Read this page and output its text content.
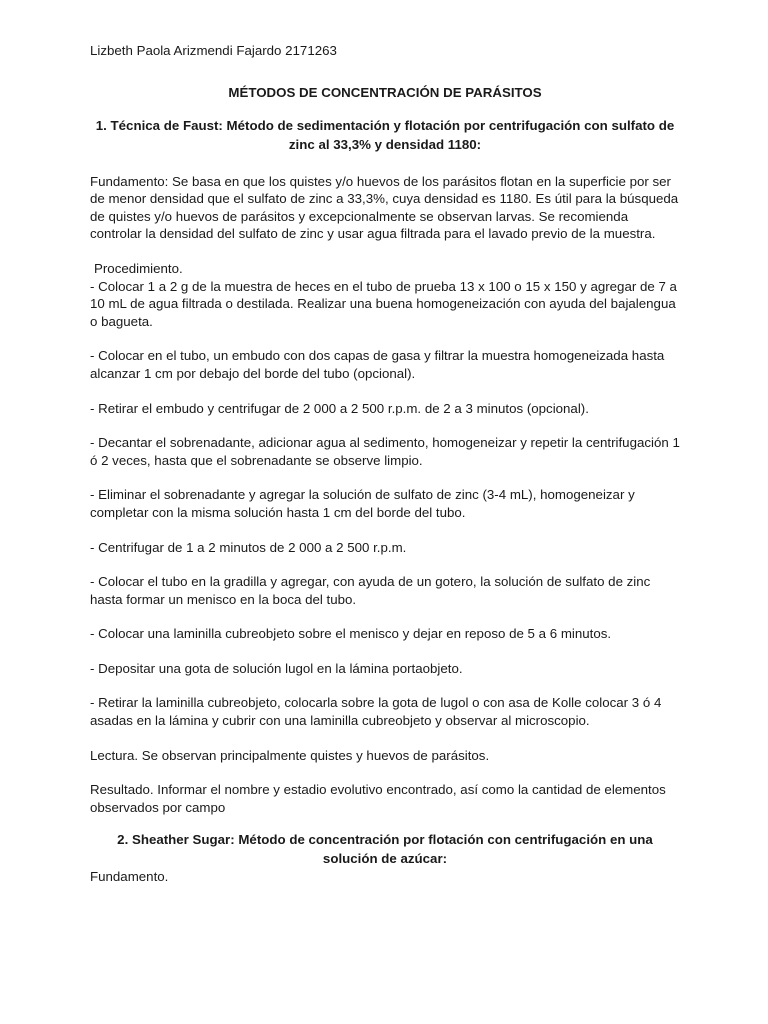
Lizbeth Paola Arizmendi Fajardo 2171263

MÉTODOS DE CONCENTRACIÓN DE PARÁSITOS

1. Técnica de Faust: Método de sedimentación y flotación por centrifugación con sulfato de zinc al 33,3% y densidad 1180:

Fundamento: Se basa en que los quistes y/o huevos de los parásitos flotan en la superficie por ser de menor densidad que el sulfato de zinc a 33,3%, cuya densidad es 1180. Es útil para la búsqueda de quistes y/o huevos de parásitos y excepcionalmente se observan larvas. Se recomienda controlar la densidad del sulfato de zinc y usar agua filtrada para el lavado previo de la muestra.

Procedimiento.

- Colocar 1 a 2 g de la muestra de heces en el tubo de prueba 13 x 100 o 15 x 150 y agregar de 7 a 10 mL de agua filtrada o destilada. Realizar una buena homogeneización con ayuda del bajalengua o bagueta.

- Colocar en el tubo, un embudo con dos capas de gasa y filtrar la muestra homogeneizada hasta alcanzar 1 cm por debajo del borde del tubo (opcional).

- Retirar el embudo y centrifugar de 2 000 a 2 500 r.p.m. de 2 a 3 minutos (opcional).

- Decantar el sobrenadante, adicionar agua al sedimento, homogeneizar y repetir la centrifugación 1 ó 2 veces, hasta que el sobrenadante se observe limpio.

- Eliminar el sobrenadante y agregar la solución de sulfato de zinc (3-4 mL), homogeneizar y completar con la misma solución hasta 1 cm del borde del tubo.

- Centrifugar de 1 a 2 minutos de 2 000 a 2 500 r.p.m.

- Colocar el tubo en la gradilla y agregar, con ayuda de un gotero, la solución de sulfato de zinc hasta formar un menisco en la boca del tubo.

- Colocar una laminilla cubreobjeto sobre el menisco y dejar en reposo de 5 a 6 minutos.

- Depositar una gota de solución lugol en la lámina portaobjeto.

- Retirar la laminilla cubreobjeto, colocarla sobre la gota de lugol o con asa de Kolle colocar 3 ó 4 asadas en la lámina y cubrir con una laminilla cubreobjeto y observar al microscopio.

Lectura. Se observan principalmente quistes y huevos de parásitos.

Resultado. Informar el nombre y estadio evolutivo encontrado, así como la cantidad de elementos observados por campo

2. Sheather Sugar: Método de concentración por flotación con centrifugación en una solución de azúcar:

Fundamento.
